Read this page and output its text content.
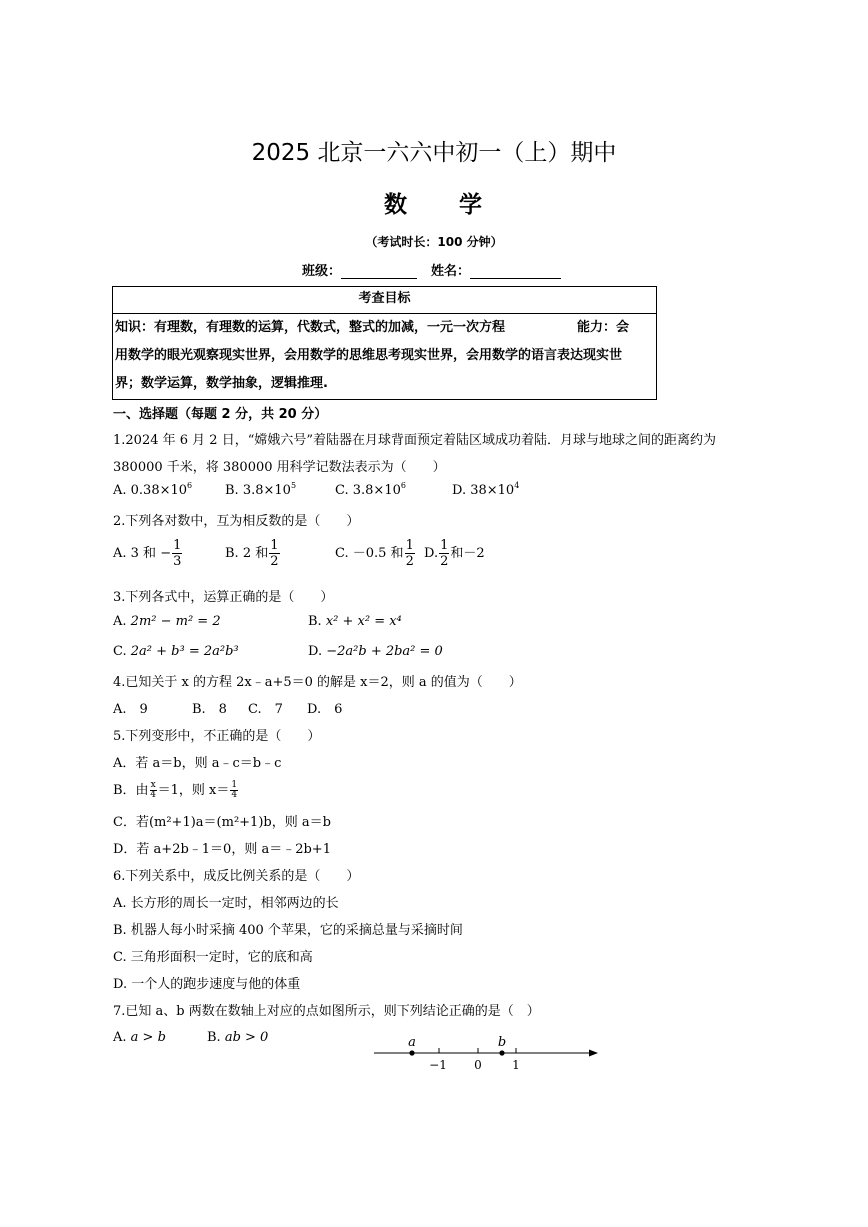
2025 北京一六六中初一（上）期中
数 学
（考试时长：100 分钟）
班级：	姓名：
考查目标
知识：有理数，有理数的运算，代数式，整式的加减，一元一次方程	能力：会
用数学的眼光观察现实世界，会用数学的思维思考现实世界，会用数学的语言表达现实世
界；数学运算，数学抽象，逻辑推理.
一、选择题（每题 2 分，共 20 分）
1.2024 年 6 月 2 日，“嫦娥六号”着陆器在月球背面预定着陆区域成功着陆．月球与地球之间的距离约为
380000 千米，将 380000 用科学记数法表示为（　　）
A. $0.38\times 10^6$	B. $3.8\times 10^5$	C. $3.8\times 10^6$	D. $38\times 10^4$
2.下列各对数中，互为相反数的是（　　）
A. 3 和 − $\frac{1}{3}$	B. 2 和 $\frac{1}{2}$	C. －0.5 和 $\frac{1}{2} D$. $\frac{1}{2}$ 和－2
3.下列各式中，运算正确的是（　　）
A. 2m² − m² = 2	B. x² + x² = x⁴
C. 2a² + b³ = 2a²b³	D. −2a²b + 2ba² = 0
4.已知关于 x 的方程 2x﹣a+5＝0 的解是 x＝2，则 a 的值为（　　）
A.　9	B.　8 C.　7 D.　6
5.下列变形中，不正确的是（　　）
A．若 a＝b，则 a﹣c＝b﹣c
B．由 $\frac{x}{4} =1$，则 $x= \frac{1}{4}$
C．若(m²+1)a＝(m²+1)b，则 a＝b
D．若 a+2b﹣1＝0，则 a＝﹣2b+1
6.下列关系中，成反比例关系的是（　　）
A. 长方形的周长一定时，相邻两边的长
B. 机器人每小时采摘 400 个苹果，它的采摘总量与采摘时间
C. 三角形面积一定时，它的底和高
D. 一个人的跑步速度与他的体重
7.已知 a、b 两数在数轴上对应的点如图所示，则下列结论正确的是（　）
A. a > b	B. ab > 0	a	b
−1 0	1
